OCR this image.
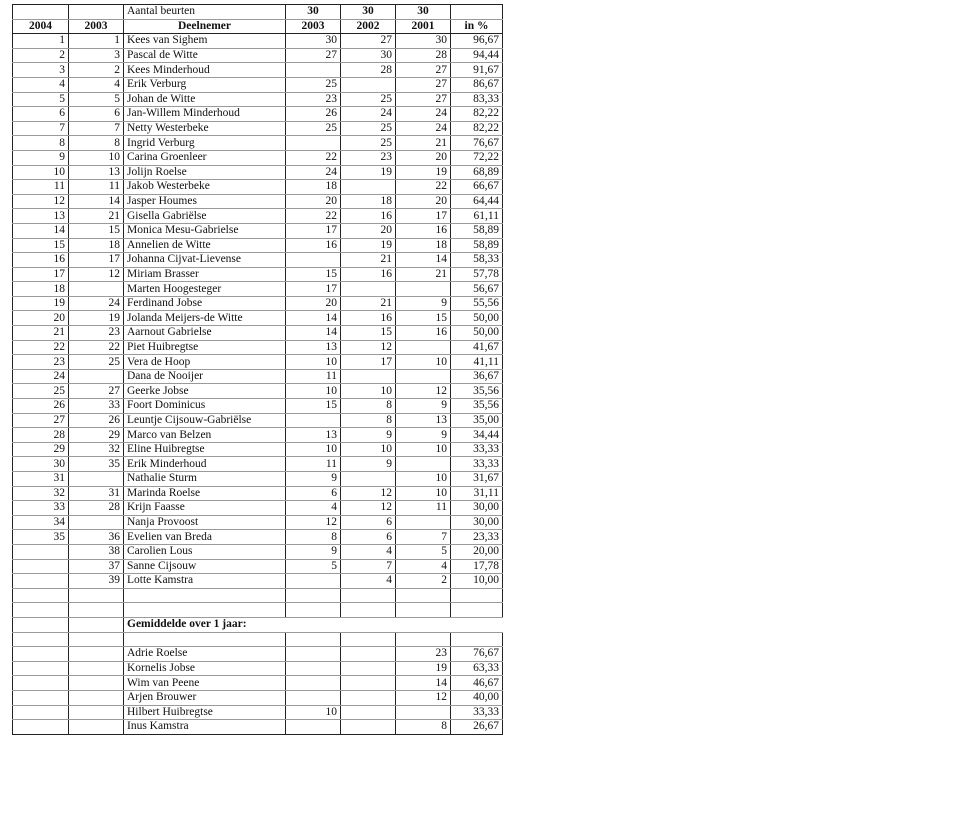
		Aantal beurten	30	30	30	
2004	2003	Deelnemer	2003	2002	2001	in %
1	1	Kees van Sighem	30	27	30	96,67
2	3	Pascal de Witte	27	30	28	94,44
3	2	Kees Minderhoud		28	27	91,67
4	4	Erik Verburg	25		27	86,67
5	5	Johan de Witte	23	25	27	83,33
6	6	Jan-Willem Minderhoud	26	24	24	82,22
7	7	Netty Westerbeke	25	25	24	82,22
8	8	Ingrid Verburg		25	21	76,67
9	10	Carina Groenleer	22	23	20	72,22
10	13	Jolijn Roelse	24	19	19	68,89
11	11	Jakob Westerbeke	18		22	66,67
12	14	Jasper Houmes	20	18	20	64,44
13	21	Gisella Gabriëlse	22	16	17	61,11
14	15	Monica Mesu-Gabrielse	17	20	16	58,89
15	18	Annelien de Witte	16	19	18	58,89
16	17	Johanna Cijvat-Lievense		21	14	58,33
17	12	Miriam Brasser	15	16	21	57,78
18		Marten Hoogesteger	17			56,67
19	24	Ferdinand Jobse	20	21	9	55,56
20	19	Jolanda Meijers-de Witte	14	16	15	50,00
21	23	Aarnout Gabrielse	14	15	16	50,00
22	22	Piet Huibregtse	13	12		41,67
23	25	Vera de Hoop	10	17	10	41,11
24		Dana de Nooijer	11			36,67
25	27	Geerke Jobse	10	10	12	35,56
26	33	Foort Dominicus	15	8	9	35,56
27	26	Leuntje Cijsouw-Gabriëlse		8	13	35,00
28	29	Marco van Belzen	13	9	9	34,44
29	32	Eline Huibregtse	10	10	10	33,33
30	35	Erik Minderhoud	11	9		33,33
31		Nathalie Sturm	9		10	31,67
32	31	Marinda Roelse	6	12	10	31,11
33	28	Krijn Faasse	4	12	11	30,00
34		Nanja Provoost	12	6		30,00
35	36	Evelien van Breda	8	6	7	23,33
	38	Carolien Lous	9	4	5	20,00
	37	Sanne Cijsouw	5	7	4	17,78
	39	Lotte Kamstra		4	2	10,00

		Gemiddelde over 1 jaar:				

		Adrie Roelse			23	76,67
		Kornelis Jobse			19	63,33
		Wim van Peene			14	46,67
		Arjen Brouwer			12	40,00
		Hilbert Huibregtse	10			33,33
		Inus Kamstra			8	26,67
